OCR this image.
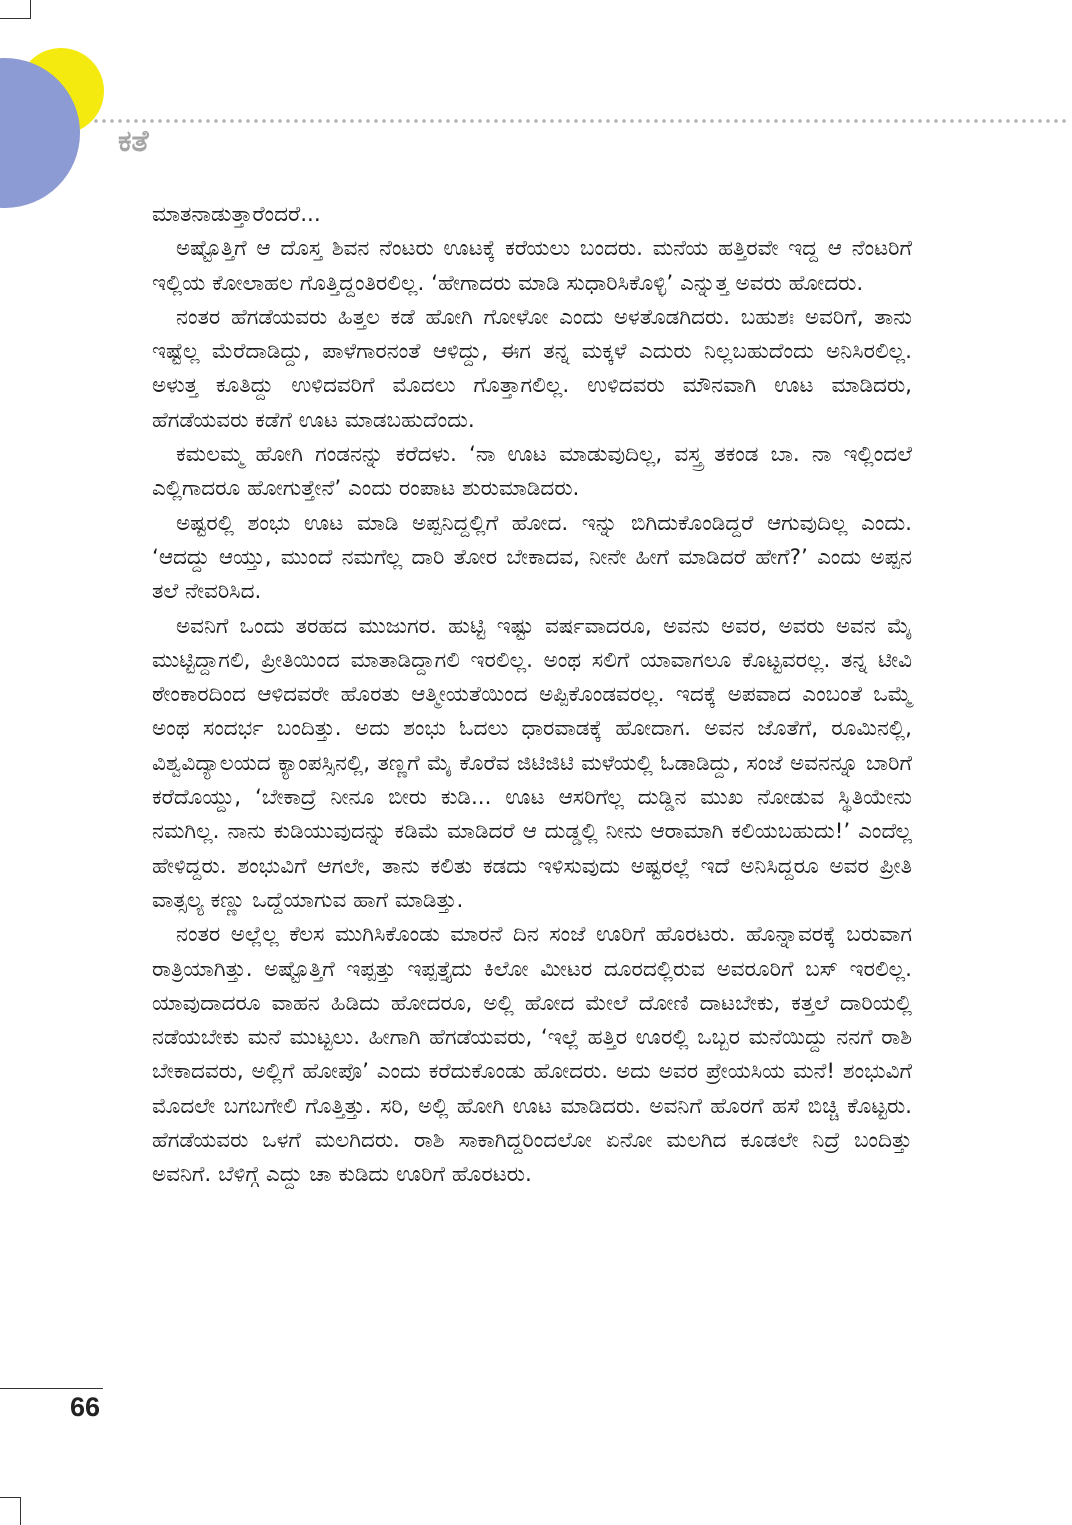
ಕತೆ

ಮಾತನಾಡುತ್ತಾರೆಂದರೆ...

ಅಷ್ಟೊತ್ತಿಗೆ ಆ ದೊಸ್ತ ಶಿವನ ನೆಂಟರು ಊಟಕ್ಕೆ ಕರೆಯಲು ಬಂದರು. ಮನೆಯ ಹತ್ತಿರವೇ ಇದ್ದ ಆ ನೆಂಟರಿಗೆ ಇಲ್ಲಿಯ ಕೋಲಾಹಲ ಗೊತ್ತಿದ್ದಂತಿರಲಿಲ್ಲ. ‘ಹೇಗಾದರು ಮಾಡಿ ಸುಧಾರಿಸಿಕೊಳ್ಳಿ’ ಎನ್ನುತ್ತ ಅವರು ಹೋದರು.

ನಂತರ ಹೆಗಡೆಯವರು ಹಿತ್ತಲ ಕಡೆ ಹೋಗಿ ಗೋಳೋ ಎಂದು ಅಳತೊಡಗಿದರು. ಬಹುಶಃ ಅವರಿಗೆ, ತಾನು ಇಷ್ಟೆಲ್ಲ ಮೆರೆದಾಡಿದ್ದು, ಪಾಳೆಗಾರನಂತೆ ಆಳಿದ್ದು, ಈಗ ತನ್ನ ಮಕ್ಕಳೆ ಎದುರು ನಿಲ್ಲಬಹುದೆಂದು ಅನಿಸಿರಲಿಲ್ಲ. ಅಳುತ್ತ ಕೂತಿದ್ದು ಉಳಿದವರಿಗೆ ಮೊದಲು ಗೊತ್ತಾಗಲಿಲ್ಲ. ಉಳಿದವರು ಮೌನವಾಗಿ ಊಟ ಮಾಡಿದರು, ಹೆಗಡೆಯವರು ಕಡೆಗೆ ಊಟ ಮಾಡಬಹುದೆಂದು.

ಕಮಲಮ್ಮ ಹೋಗಿ ಗಂಡನನ್ನು ಕರೆದಳು. ‘ನಾ ಊಟ ಮಾಡುವುದಿಲ್ಲ, ವಸ್ತ್ರ ತಕಂಡ ಬಾ. ನಾ ಇಲ್ಲಿಂದಲೆ ಎಲ್ಲಿಗಾದರೂ ಹೋಗುತ್ತೇನೆ’ ಎಂದು ರಂಪಾಟ ಶುರುಮಾಡಿದರು.

ಅಷ್ಟರಲ್ಲಿ ಶಂಭು ಊಟ ಮಾಡಿ ಅಪ್ಪನಿದ್ದಲ್ಲಿಗೆ ಹೋದ. ಇನ್ನು ಬಿಗಿದುಕೊಂಡಿದ್ದರೆ ಆಗುವುದಿಲ್ಲ ಎಂದು. ‘ಆದದ್ದು ಆಯ್ತು, ಮುಂದೆ ನಮಗೆಲ್ಲ ದಾರಿ ತೋರ ಬೇಕಾದವ, ನೀನೇ ಹೀಗೆ ಮಾಡಿದರೆ ಹೇಗೆ?’ ಎಂದು ಅಪ್ಪನ ತಲೆ ನೇವರಿಸಿದ.

ಅವನಿಗೆ ಒಂದು ತರಹದ ಮುಜುಗರ. ಹುಟ್ಟಿ ಇಷ್ಟು ವರ್ಷವಾದರೂ, ಅವನು ಅವರ, ಅವರು ಅವನ ಮೈ ಮುಟ್ಟಿದ್ದಾಗಲಿ, ಪ್ರೀತಿಯಿಂದ ಮಾತಾಡಿದ್ದಾಗಲಿ ಇರಲಿಲ್ಲ. ಅಂಥ ಸಲಿಗೆ ಯಾವಾಗಲೂ ಕೊಟ್ಟವರಲ್ಲ. ತನ್ನ ಟೀವಿ ಠೇಂಕಾರದಿಂದ ಆಳಿದವರೇ ಹೊರತು ಆತ್ಮೀಯತೆಯಿಂದ ಅಪ್ಪಿಕೊಂಡವರಲ್ಲ. ಇದಕ್ಕೆ ಅಪವಾದ ಎಂಬಂತೆ ಒಮ್ಮೆ ಅಂಥ ಸಂದರ್ಭ ಬಂದಿತ್ತು. ಅದು ಶಂಭು ಓದಲು ಧಾರವಾಡಕ್ಕೆ ಹೋದಾಗ. ಅವನ ಜೊತೆಗೆ, ರೂಮಿನಲ್ಲಿ, ವಿಶ್ವವಿದ್ಯಾಲಯದ ಕ್ಯಾಂಪಸ್ಸಿನಲ್ಲಿ, ತಣ್ಣಗೆ ಮೈ ಕೊರೆವ ಜಿಟಿಜಿಟಿ ಮಳೆಯಲ್ಲಿ ಓಡಾಡಿದ್ದು, ಸಂಜೆ ಅವನನ್ನೂ ಬಾರಿಗೆ ಕರೆದೊಯ್ದು, ‘ಬೇಕಾದ್ರೆ ನೀನೂ ಬೀರು ಕುಡಿ... ಊಟ ಆಸರಿಗೆಲ್ಲ ದುಡ್ಡಿನ ಮುಖ ನೋಡುವ ಸ್ಥಿತಿಯೇನು ನಮಗಿಲ್ಲ. ನಾನು ಕುಡಿಯುವುದನ್ನು ಕಡಿಮೆ ಮಾಡಿದರೆ ಆ ದುಡ್ಡಲ್ಲಿ ನೀನು ಆರಾಮಾಗಿ ಕಲಿಯಬಹುದು!’ ಎಂದೆಲ್ಲ ಹೇಳಿದ್ದರು. ಶಂಭುವಿಗೆ ಆಗಲೇ, ತಾನು ಕಲಿತು ಕಡದು ಇಳಿಸುವುದು ಅಷ್ಟರಲ್ಲೆ ಇದೆ ಅನಿಸಿದ್ದರೂ ಅವರ ಪ್ರೀತಿ ವಾತ್ಸಲ್ಯ ಕಣ್ಣು ಒದ್ದೆಯಾಗುವ ಹಾಗೆ ಮಾಡಿತ್ತು.

ನಂತರ ಅಲ್ಲೆಲ್ಲ ಕೆಲಸ ಮುಗಿಸಿಕೊಂಡು ಮಾರನೆ ದಿನ ಸಂಜೆ ಊರಿಗೆ ಹೊರಟರು. ಹೊನ್ನಾವರಕ್ಕೆ ಬರುವಾಗ ರಾತ್ರಿಯಾಗಿತ್ತು. ಅಷ್ಟೊತ್ತಿಗೆ ಇಪ್ಪತ್ತು ಇಪ್ಪತ್ತೈದು ಕಿಲೋ ಮೀಟರ ದೂರದಲ್ಲಿರುವ ಅವರೂರಿಗೆ ಬಸ್ ಇರಲಿಲ್ಲ. ಯಾವುದಾದರೂ ವಾಹನ ಹಿಡಿದು ಹೋದರೂ, ಅಲ್ಲಿ ಹೋದ ಮೇಲೆ ದೋಣಿ ದಾಟಬೇಕು, ಕತ್ತಲೆ ದಾರಿಯಲ್ಲಿ ನಡೆಯಬೇಕು ಮನೆ ಮುಟ್ಟಲು. ಹೀಗಾಗಿ ಹೆಗಡೆಯವರು, ‘ಇಲ್ಲೆ ಹತ್ತಿರ ಊರಲ್ಲಿ ಒಬ್ಬರ ಮನೆಯಿದ್ದು ನನಗೆ ರಾಶಿ ಬೇಕಾದವರು, ಅಲ್ಲಿಗೆ ಹೋಪೊ’ ಎಂದು ಕರೆದುಕೊಂಡು ಹೋದರು. ಅದು ಅವರ ಪ್ರೇಯಸಿಯ ಮನೆ! ಶಂಭುವಿಗೆ ಮೊದಲೇ ಬಗಬಗೇಲಿ ಗೊತ್ತಿತ್ತು. ಸರಿ, ಅಲ್ಲಿ ಹೋಗಿ ಊಟ ಮಾಡಿದರು. ಅವನಿಗೆ ಹೊರಗೆ ಹಸೆ ಬಿಚ್ಚಿ ಕೊಟ್ಟರು. ಹೆಗಡೆಯವರು ಒಳಗೆ ಮಲಗಿದರು. ರಾಶಿ ಸಾಕಾಗಿದ್ದರಿಂದಲೋ ಏನೋ ಮಲಗಿದ ಕೂಡಲೇ ನಿದ್ರೆ ಬಂದಿತ್ತು ಅವನಿಗೆ. ಬೆಳಿಗ್ಗೆ ಎದ್ದು ಚಾ ಕುಡಿದು ಊರಿಗೆ ಹೊರಟರು.

66
